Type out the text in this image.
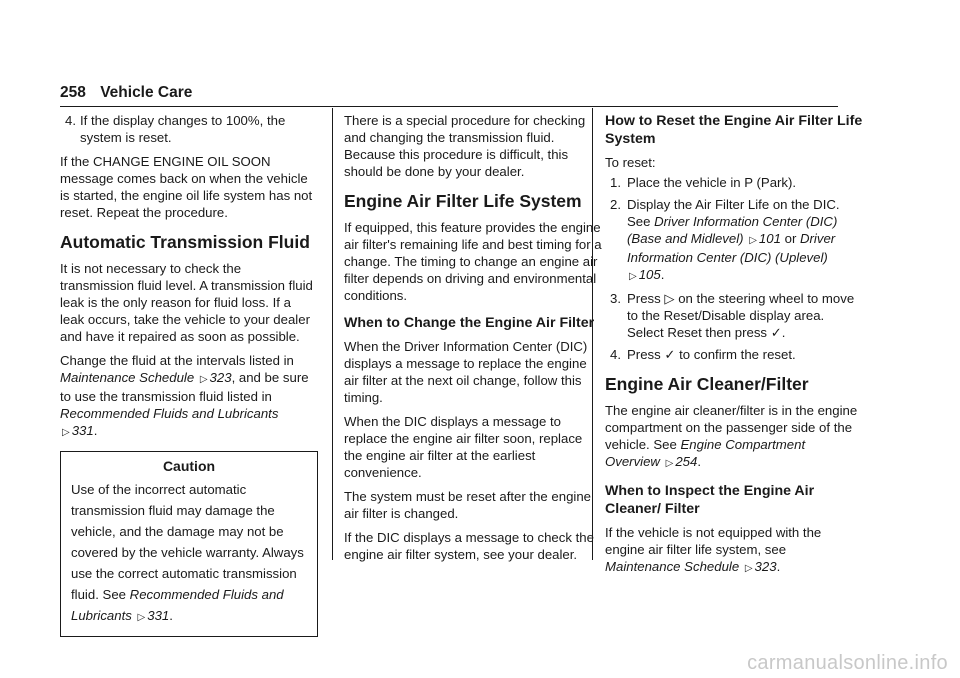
258 Vehicle Care
4. If the display changes to 100%, the system is reset.

If the CHANGE ENGINE OIL SOON message comes back on when the vehicle is started, the engine oil life system has not reset. Repeat the procedure.

Automatic Transmission Fluid

It is not necessary to check the transmission fluid level. A transmission fluid leak is the only reason for fluid loss. If a leak occurs, take the vehicle to your dealer and have it repaired as soon as possible.

Change the fluid at the intervals listed in Maintenance Schedule ▷ 323, and be sure to use the transmission fluid listed in Recommended Fluids and Lubricants ▷ 331.

Caution
Use of the incorrect automatic transmission fluid may damage the vehicle, and the damage may not be covered by the vehicle warranty. Always use the correct automatic transmission fluid. See Recommended Fluids and Lubricants ▷ 331.

There is a special procedure for checking and changing the transmission fluid. Because this procedure is difficult, this should be done by your dealer.

Engine Air Filter Life System

If equipped, this feature provides the engine air filter's remaining life and best timing for a change. The timing to change an engine air filter depends on driving and environmental conditions.

When to Change the Engine Air Filter

When the Driver Information Center (DIC) displays a message to replace the engine air filter at the next oil change, follow this timing.

When the DIC displays a message to replace the engine air filter soon, replace the engine air filter at the earliest convenience.

The system must be reset after the engine air filter is changed.

If the DIC displays a message to check the engine air filter system, see your dealer.

How to Reset the Engine Air Filter Life System

To reset:

1. Place the vehicle in P (Park).
2. Display the Air Filter Life on the DIC. See Driver Information Center (DIC) (Base and Midlevel) ▷ 101 or Driver Information Center (DIC) (Uplevel) ▷ 105.
3. Press ▷ on the steering wheel to move to the Reset/Disable display area. Select Reset then press ✓.
4. Press ✓ to confirm the reset.
Engine Air Cleaner/Filter

The engine air cleaner/filter is in the engine compartment on the passenger side of the vehicle. See Engine Compartment Overview ▷ 254.

When to Inspect the Engine Air Cleaner/ Filter

If the vehicle is not equipped with the engine air filter life system, see Maintenance Schedule ▷ 323.

carmanualsonline.info
